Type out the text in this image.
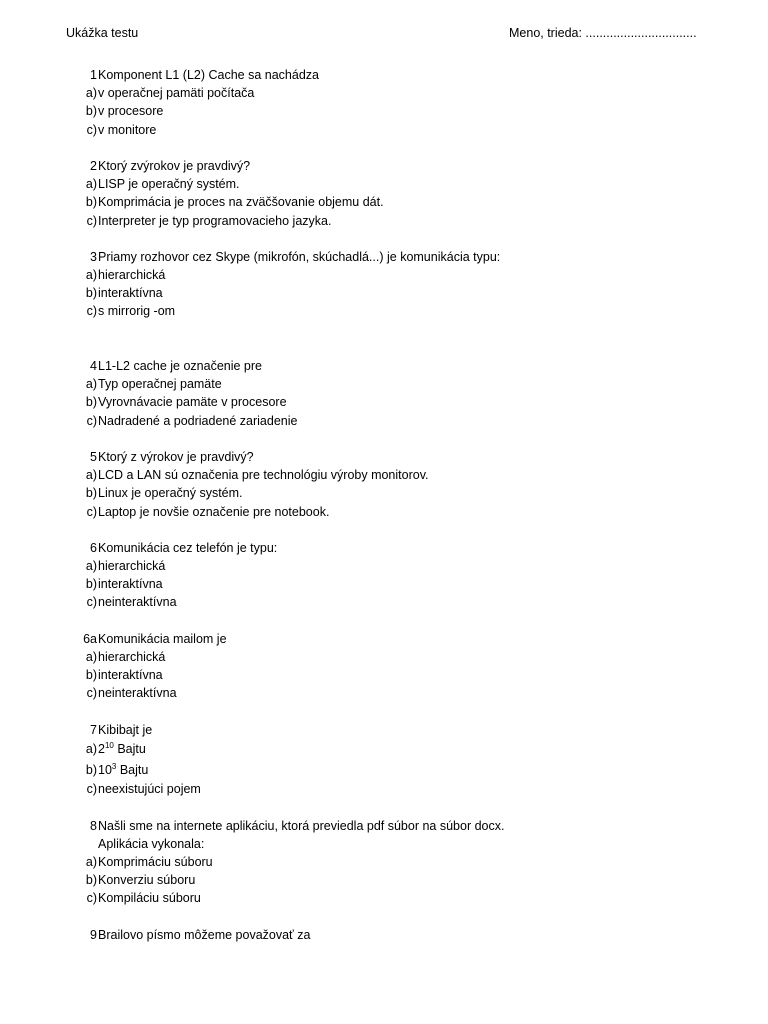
Ukážka testu	Meno, trieda: ................................
1 Komponent L1 (L2) Cache sa nachádza
a) v operačnej pamäti počítača
b) v procesore
c) v monitore
2 Ktorý zvýrokov je pravdivý?
a) LISP je operačný systém.
b) Komprimácia je proces na zväčšovanie objemu dát.
c) Interpreter je typ programovacieho jazyka.
3 Priamy rozhovor cez Skype (mikrofón, skúchadlá...) je komunikácia typu:
a) hierarchická
b) interaktívna
c) s mirrorig -om
4 L1-L2 cache je označenie pre
a) Typ operačnej pamäte
b) Vyrovnávacie pamäte v procesore
c) Nadradené a podriadené zariadenie
5 Ktorý z výrokov je pravdivý?
a) LCD a LAN sú označenia pre technológiu výroby monitorov.
b) Linux je operačný systém.
c) Laptop je novšie označenie pre notebook.
6 Komunikácia cez telefón je typu:
a) hierarchická
b) interaktívna
c) neinteraktívna
6a Komunikácia mailom je
a) hierarchická
b) interaktívna
c) neinteraktívna
7 Kibibajt je
a) $2^{10}$ Bajtu
b) $10^3$ Bajtu
c) neexistujúci pojem
8 Našli sme na internete aplikáciu, ktorá previedla pdf súbor na súbor docx.
Aplikácia vykonala:
a) Komprimáciu súboru
b) Konverziu súboru
c) Kompiláciu súboru
9 Brailovo písmo môžeme považovať za
